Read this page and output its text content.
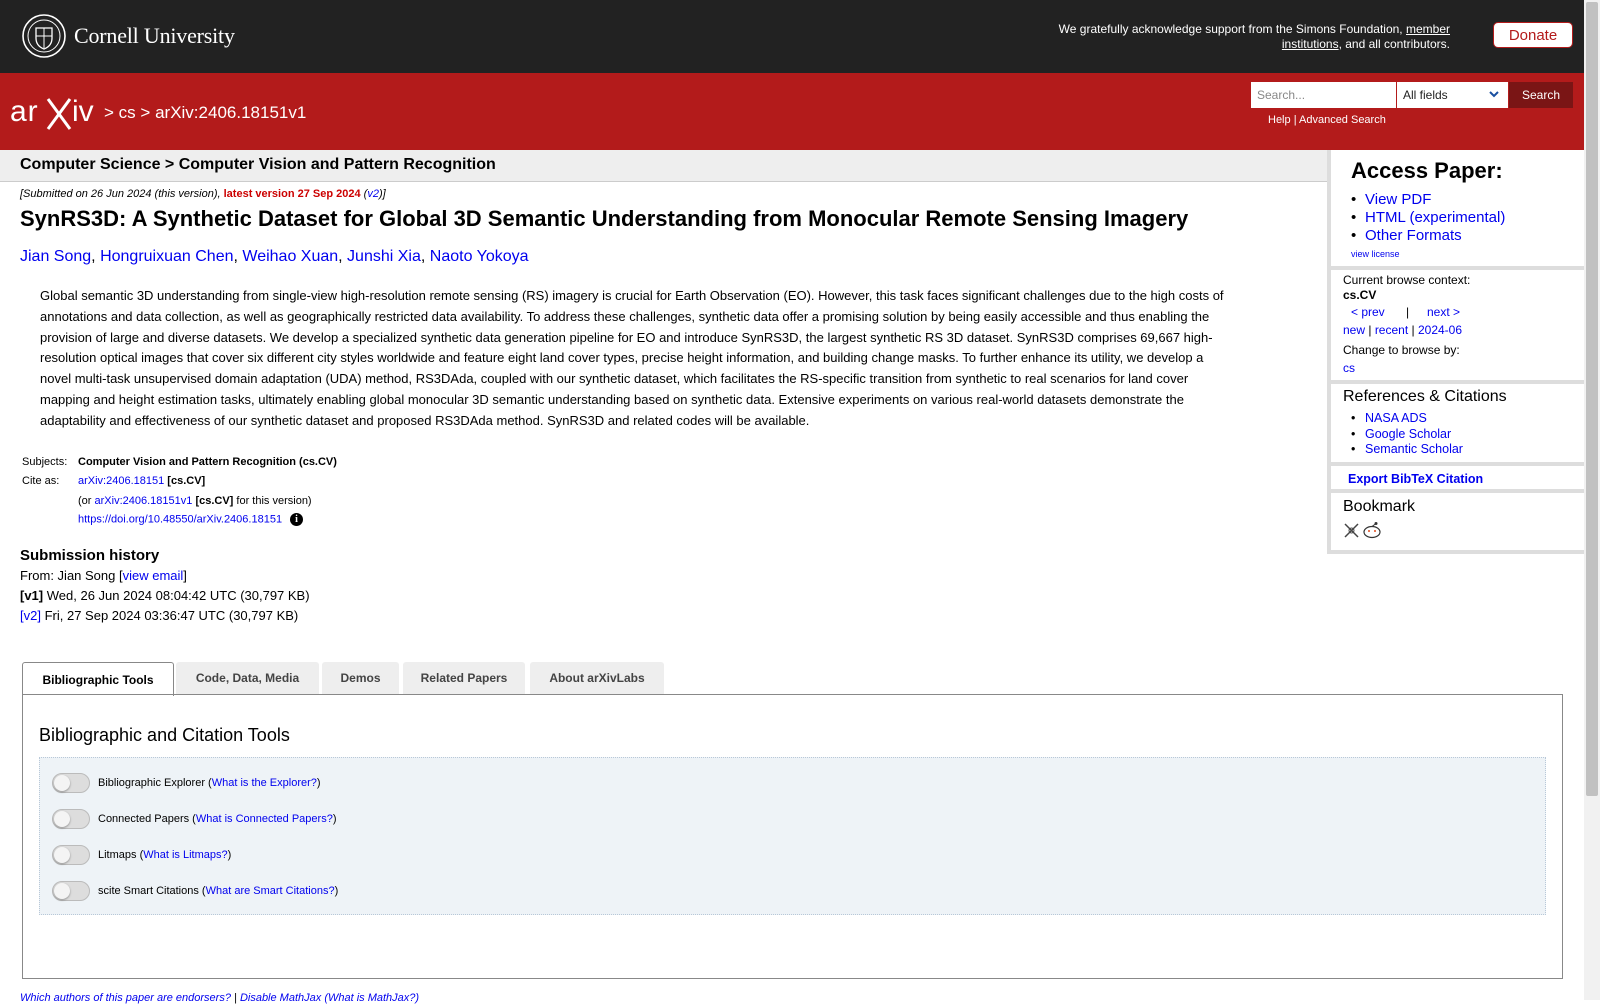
Cornell University	We gratefully acknowledge support from the Simons Foundation, member institutions, and all contributors.
Donate
ar iv > cs > arXiv:2406.18151v1
Search...
All fields	Search
Help | Advanced Search
Computer Science > Computer Vision and Pattern Recognition
[Submitted on 26 Jun 2024 (this version), latest version 27 Sep 2024 (v2)]
SynRS3D: A Synthetic Dataset for Global 3D Semantic Understanding from Monocular Remote Sensing Imagery
Jian Song, Hongruixuan Chen, Weihao Xuan, Junshi Xia, Naoto Yokoya
Global semantic 3D understanding from single-view high-resolution remote sensing (RS) imagery is crucial for Earth Observation (EO). However, this task faces significant challenges due to the high costs of
annotations and data collection, as well as geographically restricted data availability. To address these challenges, synthetic data offer a promising solution by being easily accessible and thus enabling the
provision of large and diverse datasets. We develop a specialized synthetic data generation pipeline for EO and introduce SynRS3D, the largest synthetic RS 3D dataset. SynRS3D comprises 69,667 high-
resolution optical images that cover six different city styles worldwide and feature eight land cover types, precise height information, and building change masks. To further enhance its utility, we develop a
novel multi-task unsupervised domain adaptation (UDA) method, RS3DAda, coupled with our synthetic dataset, which facilitates the RS-specific transition from synthetic to real scenarios for land cover
mapping and height estimation tasks, ultimately enabling global monocular 3D semantic understanding based on synthetic data. Extensive experiments on various real-world datasets demonstrate the
adaptability and effectiveness of our synthetic dataset and proposed RS3DAda method. SynRS3D and related codes will be available.
Subjects: Computer Vision and Pattern Recognition (cs.CV)
Cite as: arXiv:2406.18151 [cs.CV]
(or arXiv:2406.18151v1 [cs.CV] for this version)
https://doi.org/10.48550/arXiv.2406.18151 i
Submission history
From: Jian Song [view email]
[v1] Wed, 26 Jun 2024 08:04:42 UTC (30,797 KB)
[v2] Fri, 27 Sep 2024 03:36:47 UTC (30,797 KB)
Bibliographic Tools	Code, Data, Media	Demos	Related Papers	About arXivLabs
Bibliographic and Citation Tools
Bibliographic Explorer ( What is the Explorer? )
Connected Papers ( What is Connected Papers? )
Litmaps ( What is Litmaps? )
scite Smart Citations ( What are Smart Citations? )
Which authors of this paper are endorsers? | Disable MathJax (What is MathJax?)
Access Paper:
• View PDF
• HTML (experimental)
• Other Formats
view license
Current browse context:
cs.CV
< prev | next >
new | recent | 2024-06
Change to browse by:
cs
References & Citations
• NASA ADS
• Google Scholar
• Semantic Scholar
Export BibTeX Citation
Bookmark
